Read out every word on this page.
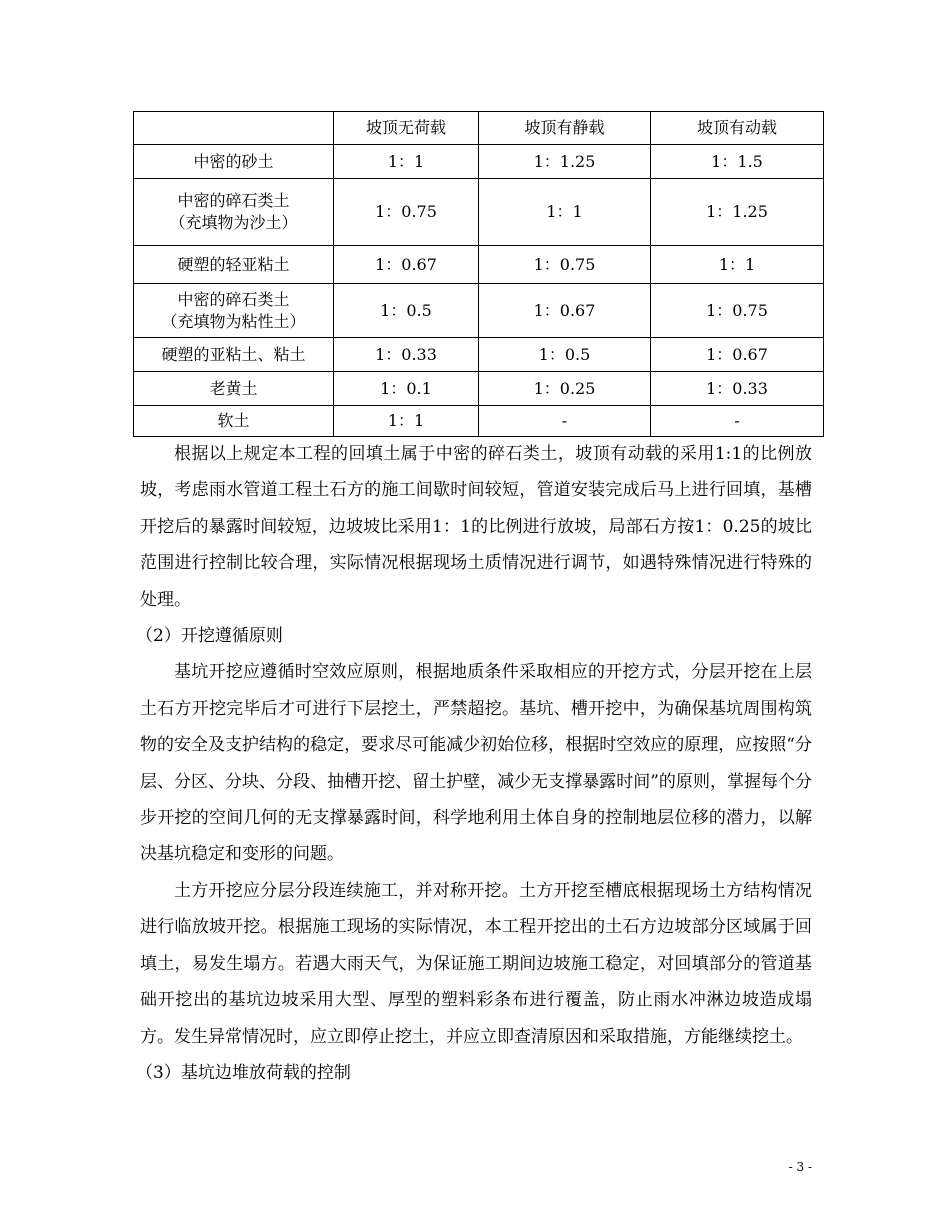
	坡顶无荷载	坡顶有静载	坡顶有动载
中密的砂土	1：1	1：1.25	1：1.5
中密的碎石类土
（充填物为沙土）	1：0.75	1：1	1：1.25
硬塑的轻亚粘土	1：0.67	1：0.75	1：1
中密的碎石类土
（充填物为粘性土）	1：0.5	1：0.67	1：0.75
硬塑的亚粘土、粘土	1：0.33	1：0.5	1：0.67
老黄土	1：0.1	1：0.25	1：0.33
软土	1：1	-	-

根据以上规定本工程的回填土属于中密的碎石类土，坡顶有动载的采用1:1的比例放坡，考虑雨水管道工程土石方的施工间歇时间较短，管道安装完成后马上进行回填，基槽开挖后的暴露时间较短，边坡坡比采用1：1的比例进行放坡，局部石方按1：0.25的坡比范围进行控制比较合理，实际情况根据现场土质情况进行调节，如遇特殊情况进行特殊的处理。

（2）开挖遵循原则

基坑开挖应遵循时空效应原则，根据地质条件采取相应的开挖方式，分层开挖在上层土石方开挖完毕后才可进行下层挖土，严禁超挖。基坑、槽开挖中，为确保基坑周围构筑物的安全及支护结构的稳定，要求尽可能减少初始位移，根据时空效应的原理，应按照“分层、分区、分块、分段、抽槽开挖、留土护壁，减少无支撑暴露时间”的原则，掌握每个分步开挖的空间几何的无支撑暴露时间，科学地利用土体自身的控制地层位移的潜力，以解决基坑稳定和变形的问题。

土方开挖应分层分段连续施工，并对称开挖。土方开挖至槽底根据现场土方结构情况进行临放坡开挖。根据施工现场的实际情况，本工程开挖出的土石方边坡部分区域属于回填土，易发生塌方。若遇大雨天气，为保证施工期间边坡施工稳定，对回填部分的管道基础开挖出的基坑边坡采用大型、厚型的塑料彩条布进行覆盖，防止雨水冲淋边坡造成塌方。发生异常情况时，应立即停止挖土，并应立即查清原因和采取措施，方能继续挖土。

（3）基坑边堆放荷载的控制

- 3 -
